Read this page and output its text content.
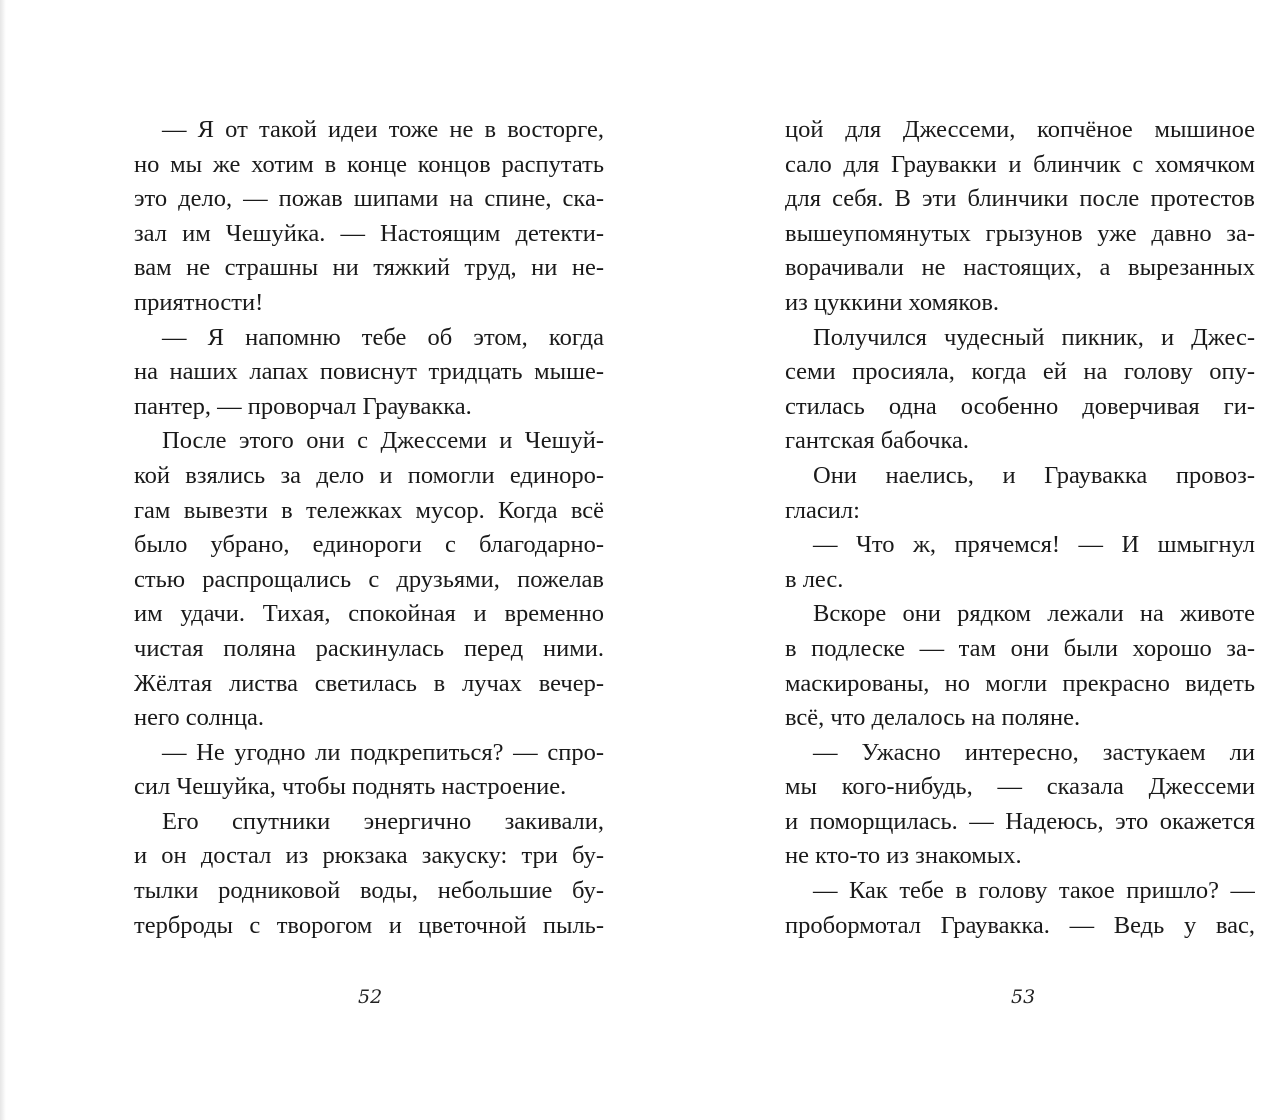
— Я от такой идеи тоже не в восторге,
но мы же хотим в конце концов распутать
это дело, — пожав шипами на спине, ска-
зал им Чешуйка. — Настоящим детекти-
вам не страшны ни тяжкий труд, ни не-
приятности!
— Я напомню тебе об этом, когда
на наших лапах повиснут тридцать мыше-
пантер, — проворчал Граувакка.
После этого они с Джессеми и Чешуй-
кой взялись за дело и помогли единоро-
гам вывезти в тележках мусор. Когда всё
было убрано, единороги с благодарно-
стью распрощались с друзьями, пожелав
им удачи. Тихая, спокойная и временно
чистая поляна раскинулась перед ними.
Жёлтая листва светилась в лучах вечер-
него солнца.
— Не угодно ли подкрепиться? — спро-
сил Чешуйка, чтобы поднять настроение.
Его спутники энергично закивали,
и он достал из рюкзака закуску: три бу-
тылки родниковой воды, небольшие бу-
терброды с творогом и цветочной пыль-
цой для Джессеми, копчёное мышиное
сало для Граувакки и блинчик с хомячком
для себя. В эти блинчики после протестов
вышеупомянутых грызунов уже давно за-
ворачивали не настоящих, а вырезанных
из цуккини хомяков.
Получился чудесный пикник, и Джес-
семи просияла, когда ей на голову опу-
стилась одна особенно доверчивая ги-
гантская бабочка.
Они наелись, и Граувакка провоз-
гласил:
— Что ж, прячемся! — И шмыгнул
в лес.
Вскоре они рядком лежали на животе
в подлеске — там они были хорошо за-
маскированы, но могли прекрасно видеть
всё, что делалось на поляне.
— Ужасно интересно, застукаем ли
мы кого-нибудь, — сказала Джессеми
и поморщилась. — Надеюсь, это окажется
не кто-то из знакомых.
— Как тебе в голову такое пришло? —
пробормотал Граувакка. — Ведь у вас,
52	53
